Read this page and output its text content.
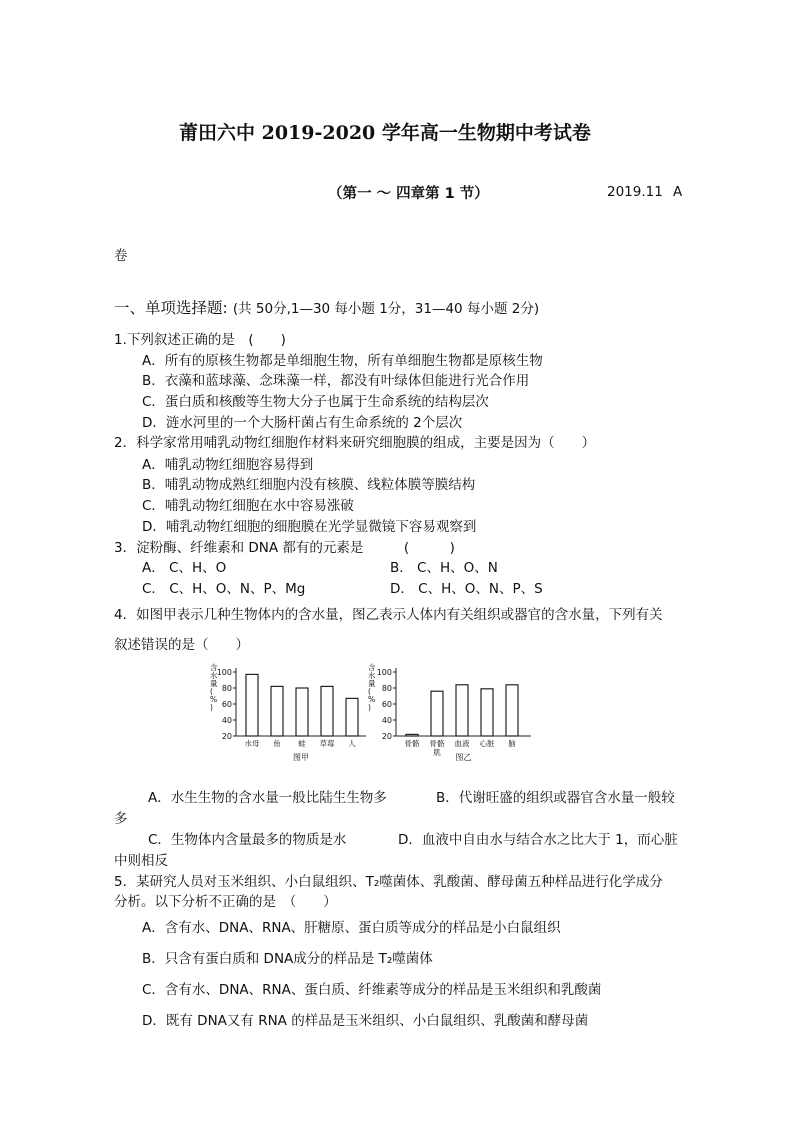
莆田六中 2019-2020 学年高一生物期中考试卷
（第一 ～ 四章第 1 节）	2019.11 A
卷
一、单项选择题: (共 50分,1—30 每小题 1分，31—40 每小题 2分)
1.下列叙述正确的是　(　　)
A．所有的原核生物都是单细胞生物，所有单细胞生物都是原核生物
B．衣藻和蓝球藻、念珠藻一样，都没有叶绿体但能进行光合作用
C．蛋白质和核酸等生物大分子也属于生命系统的结构层次
D．涟水河里的一个大肠杆菌占有生命系统的 2个层次
2．科学家常用哺乳动物红细胞作材料来研究细胞膜的组成，主要是因为（　　）
A．哺乳动物红细胞容易得到
B．哺乳动物成熟红细胞内没有核膜、线粒体膜等膜结构
C．哺乳动物红细胞在水中容易涨破
D．哺乳动物红细胞的细胞膜在光学显微镜下容易观察到
3．淀粉酶、纤维素和 DNA 都有的元素是　　　(　　　)
A． C、H、O	B． C、H、O、N
C． C、H、O、N、P、Mg	D． C、H、O、N、P、S
4．如图甲表示几种生物体内的含水量，图乙表示人体内有关组织或器官的含水量，下列有关
叙述错误的是（　　）
含水量( % )
20
40
60
80
100
水母 鱼 蛙 草莓 人
图甲
含水量( % )
20
40
60
80
100
骨骼 骨骼肌
血液 心脏 脑
图乙
A．水生生物的含水量一般比陆生生物多	B．代谢旺盛的组织或器官含水量一般较
多
C．生物体内含量最多的物质是水	D．血液中自由水与结合水之比大于 1，而心脏
中则相反
5．某研究人员对玉米组织、小白鼠组织、T₂噬菌体、乳酸菌、酵母菌五种样品进行化学成分
分析。以下分析不正确的是　（　　）
A．含有水、DNA、RNA、肝糖原、蛋白质等成分的样品是小白鼠组织
B．只含有蛋白质和 DNA成分的样品是 T₂噬菌体
C．含有水、DNA、RNA、蛋白质、纤维素等成分的样品是玉米组织和乳酸菌
D．既有 DNA又有 RNA 的样品是玉米组织、小白鼠组织、乳酸菌和酵母菌
